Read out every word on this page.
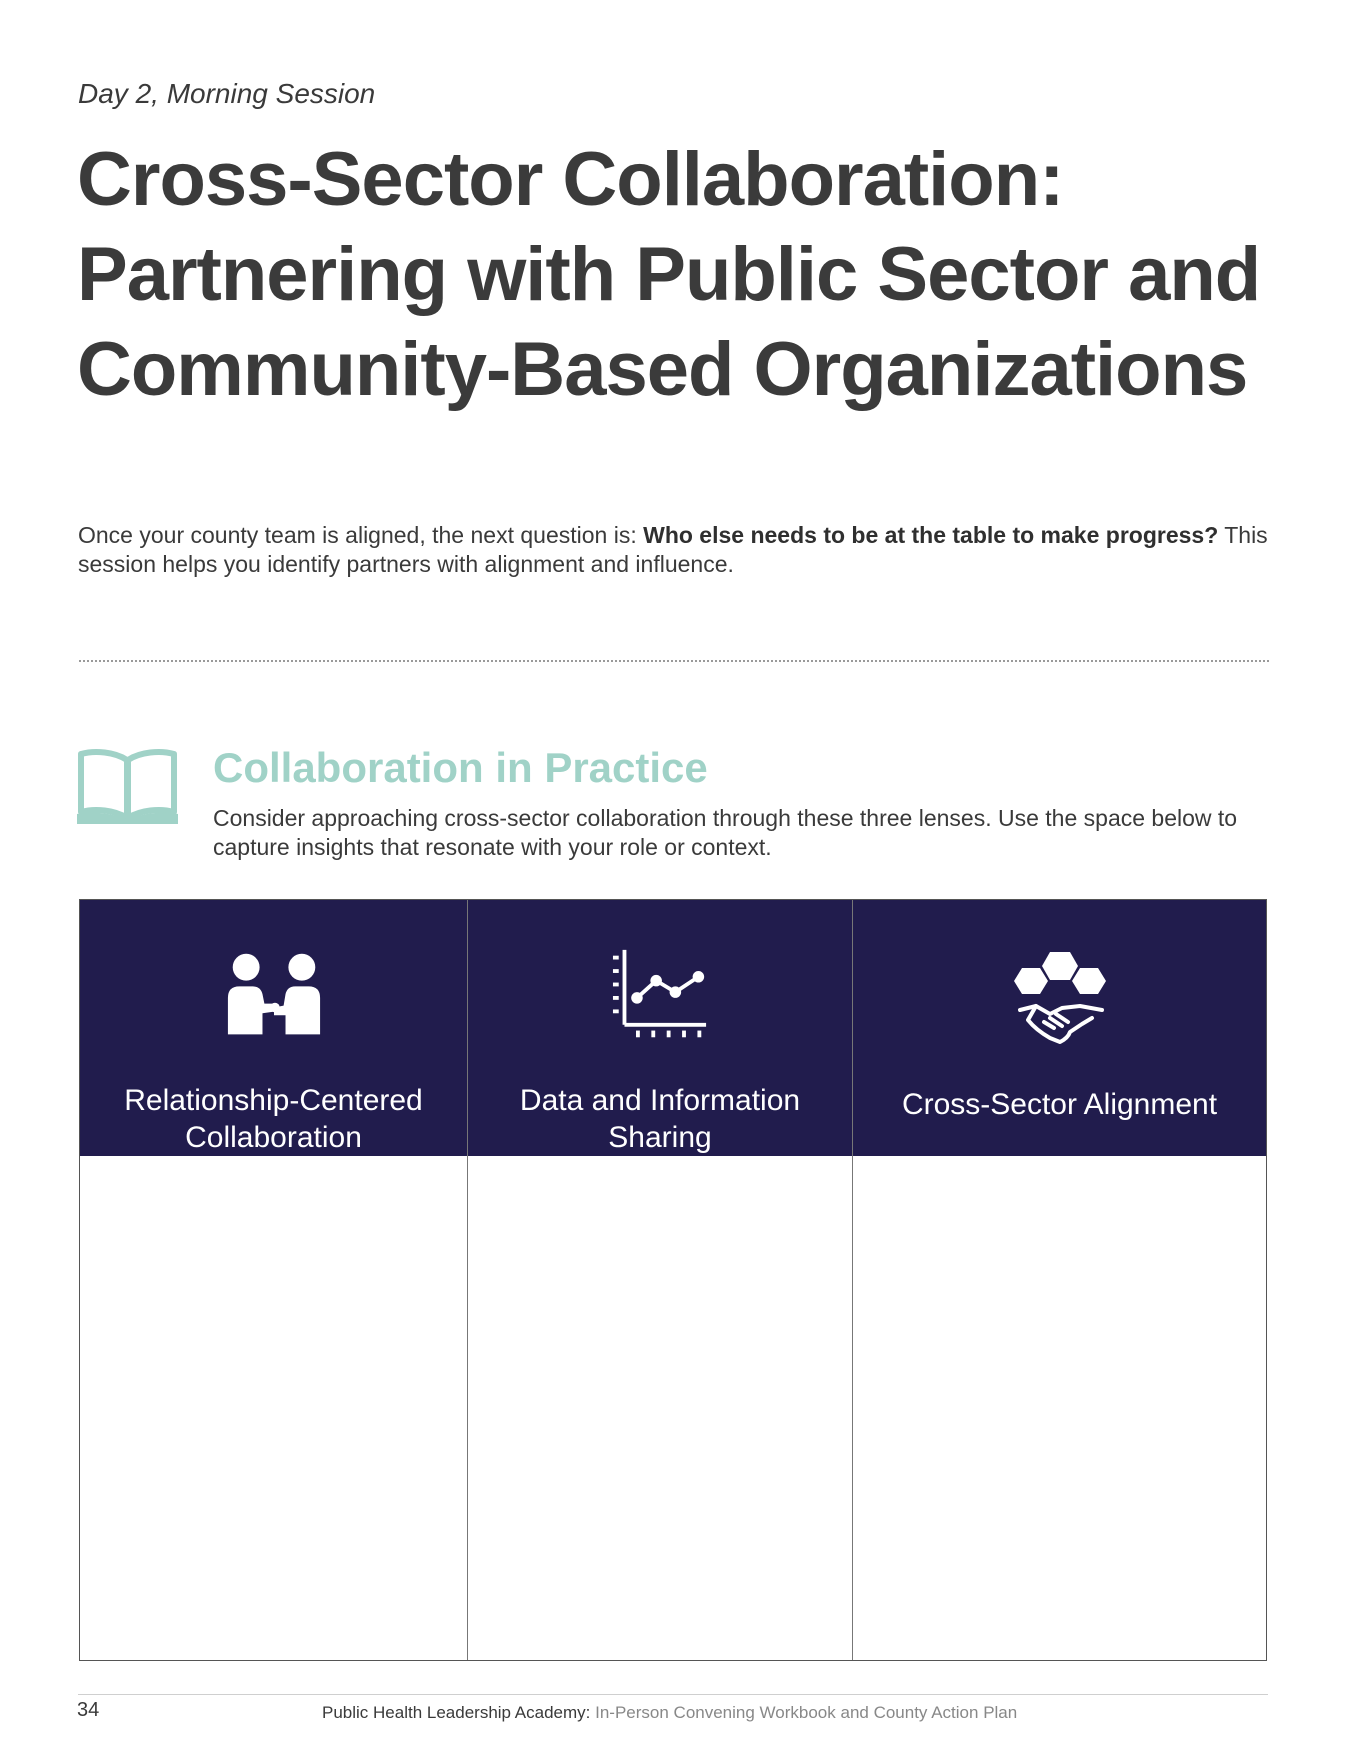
Day 2, Morning Session
Cross-Sector Collaboration: Partnering with Public Sector and Community-Based Organizations
Once your county team is aligned, the next question is: Who else needs to be at the table to make progress? This session helps you identify partners with alignment and influence.
Collaboration in Practice
Consider approaching cross-sector collaboration through these three lenses. Use the space below to capture insights that resonate with your role or context.
Relationship-Centered Collaboration
Data and Information Sharing
Cross-Sector Alignment
34	Public Health Leadership Academy: In-Person Convening Workbook and County Action Plan
